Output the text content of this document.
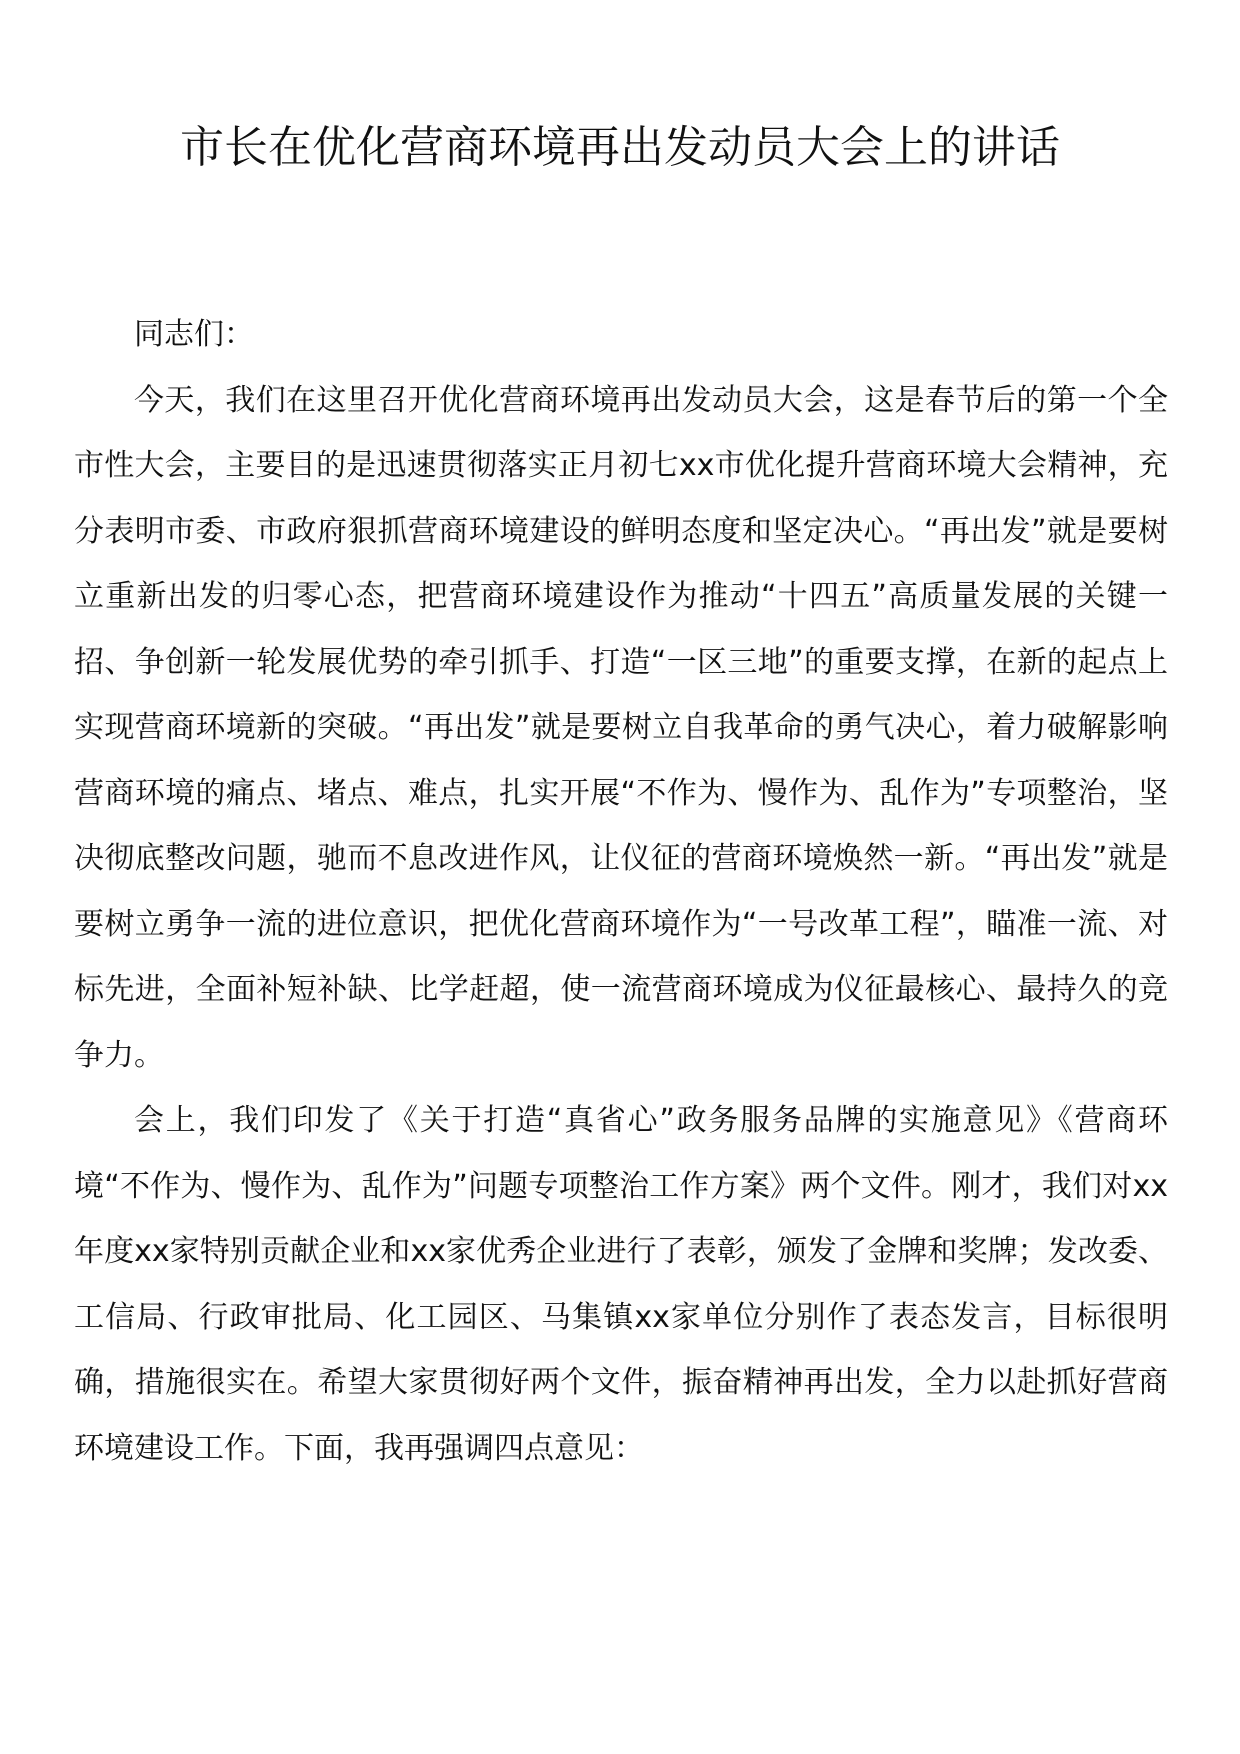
市长在优化营商环境再出发动员大会上的讲话

同志们：

今天，我们在这里召开优化营商环境再出发动员大会，这是春节后的第一个全市性大会，主要目的是迅速贯彻落实正月初七xx市优化提升营商环境大会精神，充分表明市委、市政府狠抓营商环境建设的鲜明态度和坚定决心。“再出发”就是要树立重新出发的归零心态，把营商环境建设作为推动“十四五”高质量发展的关键一招、争创新一轮发展优势的牵引抓手、打造“一区三地”的重要支撑，在新的起点上实现营商环境新的突破。“再出发”就是要树立自我革命的勇气决心，着力破解影响营商环境的痛点、堵点、难点，扎实开展“不作为、慢作为、乱作为”专项整治，坚决彻底整改问题，驰而不息改进作风，让仪征的营商环境焕然一新。“再出发”就是要树立勇争一流的进位意识，把优化营商环境作为“一号改革工程”，瞄准一流、对标先进，全面补短补缺、比学赶超，使一流营商环境成为仪征最核心、最持久的竞争力。

会上，我们印发了《关于打造“真省心”政务服务品牌的实施意见》《营商环境“不作为、慢作为、乱作为”问题专项整治工作方案》两个文件。刚才，我们对xx年度xx家特别贡献企业和xx家优秀企业进行了表彰，颁发了金牌和奖牌；发改委、工信局、行政审批局、化工园区、马集镇xx家单位分别作了表态发言，目标很明确，措施很实在。希望大家贯彻好两个文件，振奋精神再出发，全力以赴抓好营商环境建设工作。下面，我再强调四点意见：
